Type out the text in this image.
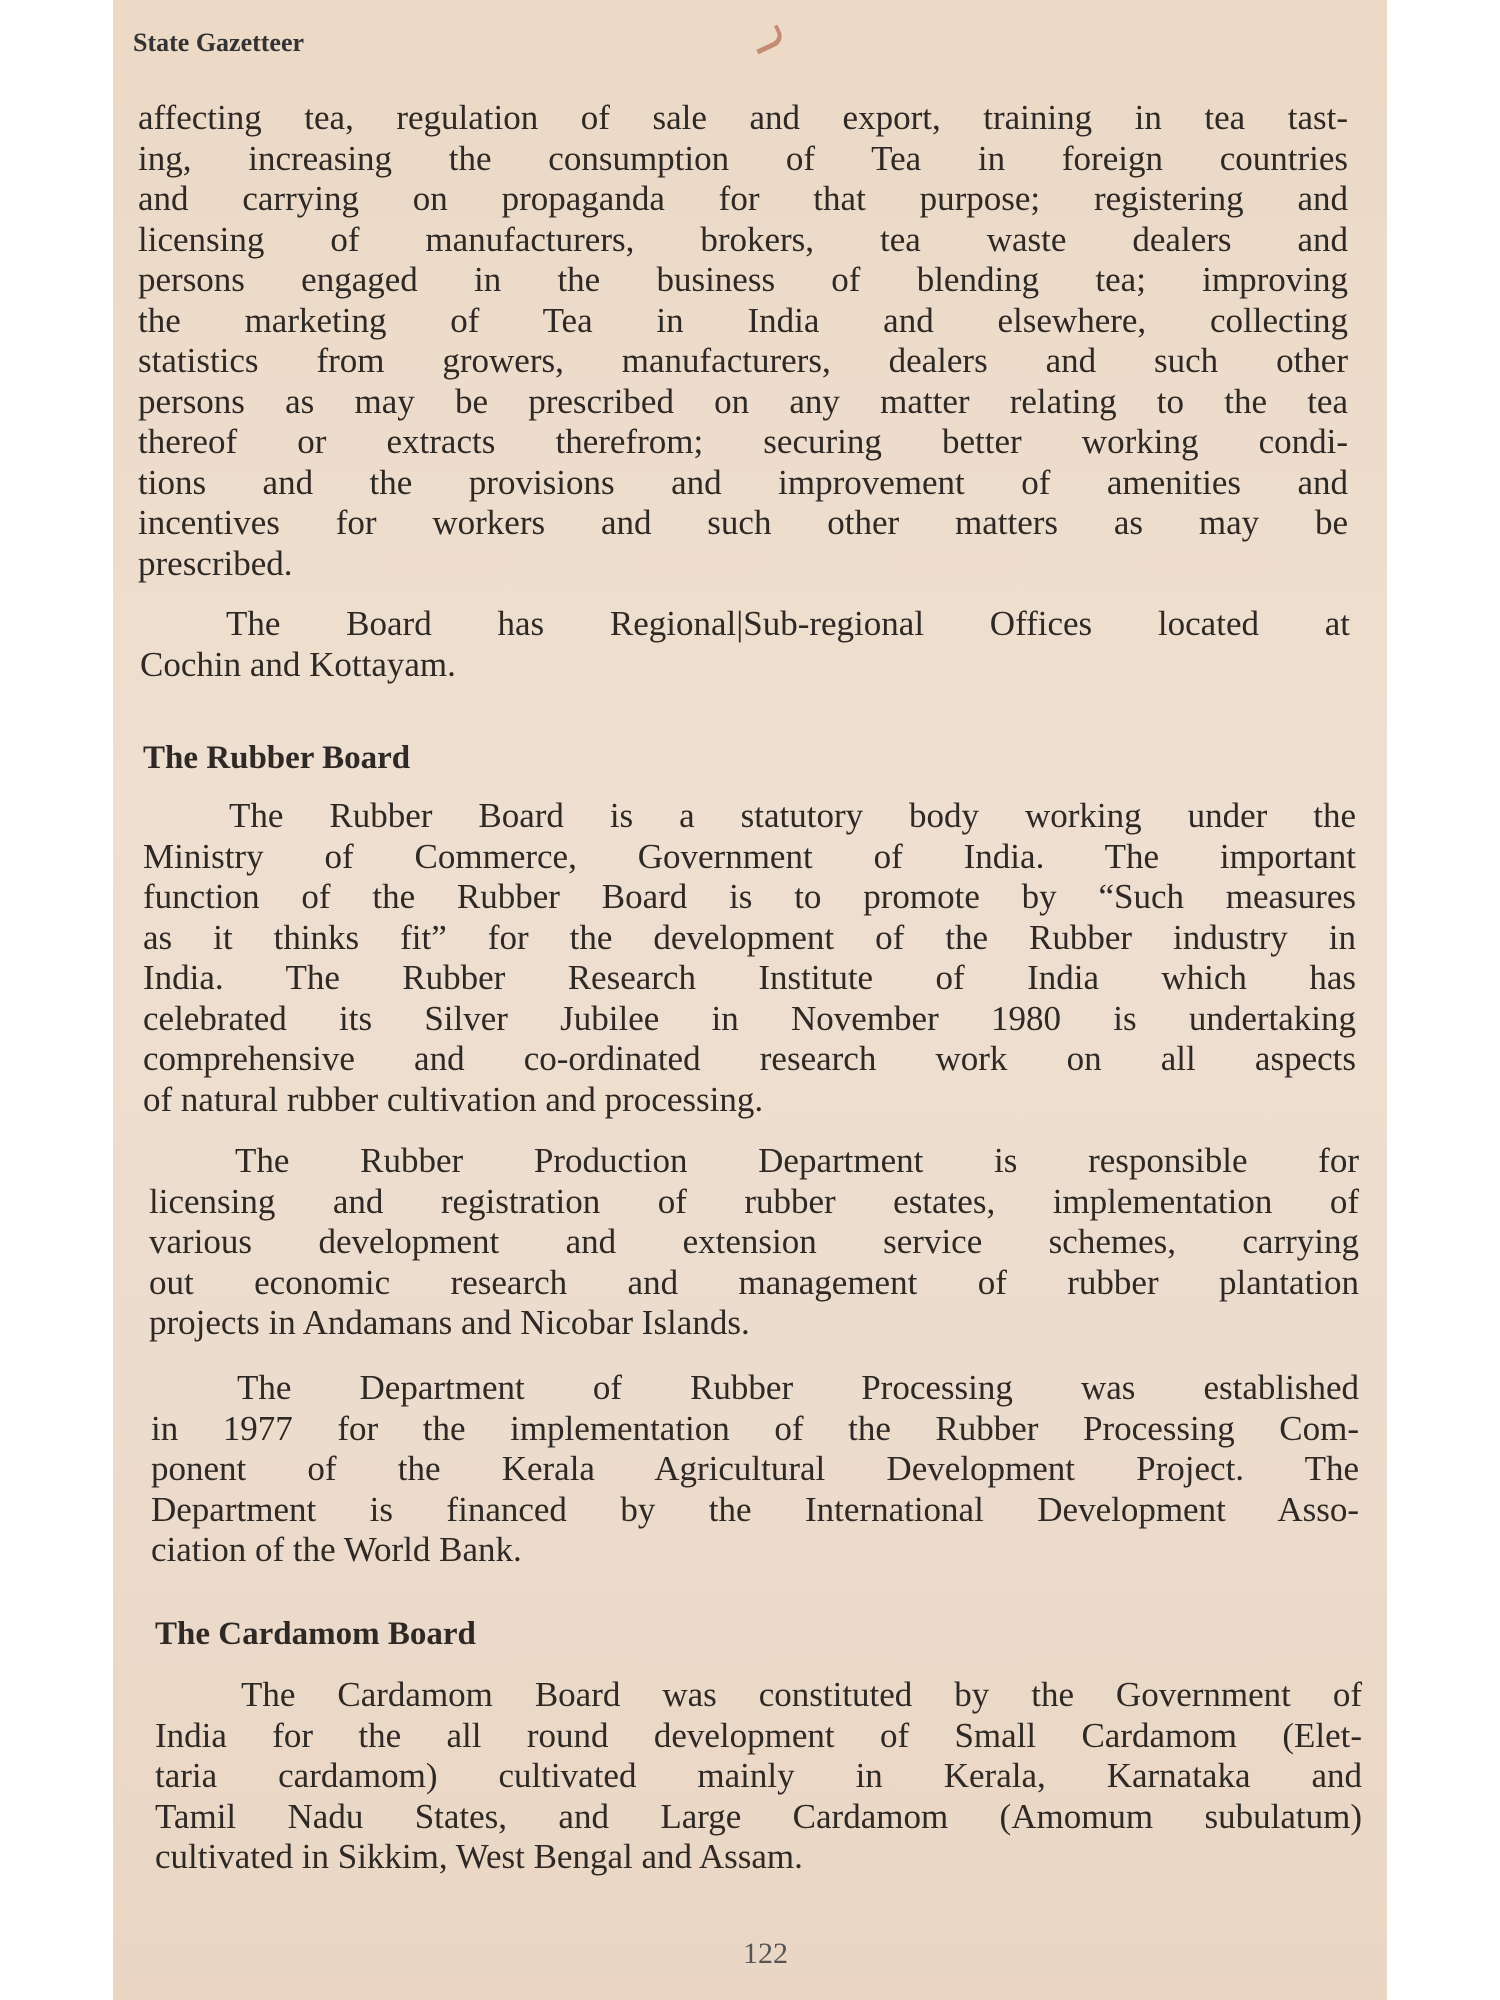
State Gazetteer
affecting tea, regulation of sale and export, training in tea tast-
ing, increasing the consumption of Tea in foreign countries
and carrying on propaganda for that purpose; registering and
licensing of manufacturers, brokers, tea waste dealers and
persons engaged in the business of blending tea; improving
the marketing of Tea in India and elsewhere, collecting
statistics from growers, manufacturers, dealers and such other
persons as may be prescribed on any matter relating to the tea
thereof or extracts therefrom; securing better working condi-
tions and the provisions and improvement of amenities and
incentives for workers and such other matters as may be
prescribed.
The Board has Regional|Sub-regional Offices located at
Cochin and Kottayam.
The Rubber Board
The Rubber Board is a statutory body working under the
Ministry of Commerce, Government of India. The important
function of the Rubber Board is to promote by “Such measures
as it thinks fit” for the development of the Rubber industry in
India. The Rubber Research Institute of India which has
celebrated its Silver Jubilee in November 1980 is undertaking
comprehensive and co-ordinated research work on all aspects
of natural rubber cultivation and processing.
The Rubber Production Department is responsible for
licensing and registration of rubber estates, implementation of
various development and extension service schemes, carrying
out economic research and management of rubber plantation
projects in Andamans and Nicobar Islands.
The Department of Rubber Processing was established
in 1977 for the implementation of the Rubber Processing Com-
ponent of the Kerala Agricultural Development Project. The
Department is financed by the International Development Asso-
ciation of the World Bank.
The Cardamom Board
The Cardamom Board was constituted by the Government of
India for the all round development of Small Cardamom (Elet-
taria cardamom) cultivated mainly in Kerala, Karnataka and
Tamil Nadu States, and Large Cardamom (Amomum subulatum)
cultivated in Sikkim, West Bengal and Assam.
122
